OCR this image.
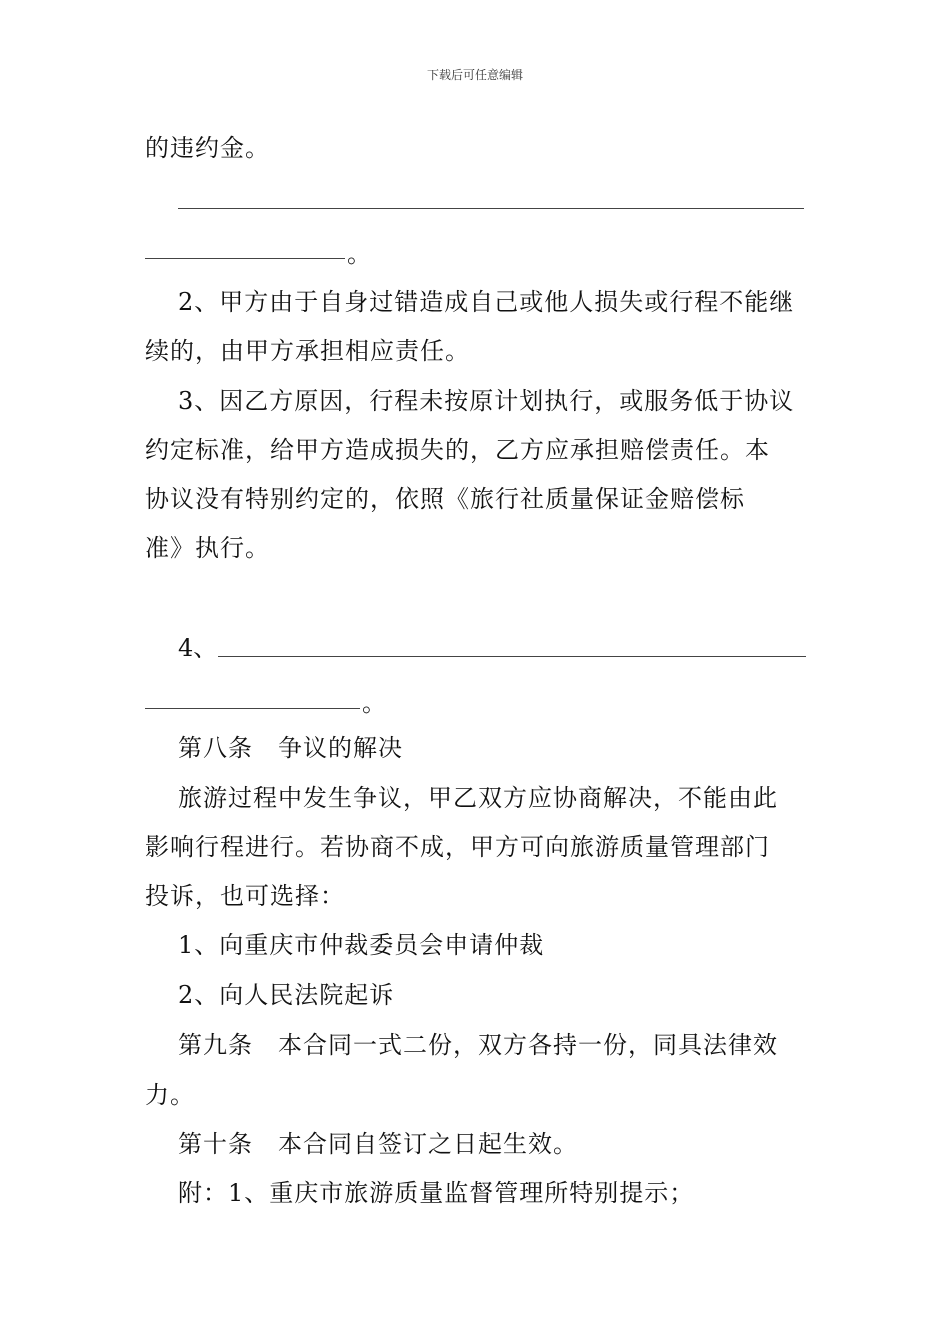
下载后可任意编辑
的违约金。
。
2、甲方由于自身过错造成自己或他人损失或行程不能继
续的，由甲方承担相应责任。
3、因乙方原因，行程未按原计划执行，或服务低于协议
约定标准，给甲方造成损失的，乙方应承担赔偿责任。本
协议没有特别约定的，依照《旅行社质量保证金赔偿标
准》执行。
4、
。
第八条　争议的解决
旅游过程中发生争议，甲乙双方应协商解决，不能由此
影响行程进行。若协商不成，甲方可向旅游质量管理部门
投诉，也可选择：
1、向重庆市仲裁委员会申请仲裁
2、向人民法院起诉
第九条　本合同一式二份，双方各持一份，同具法律效
力。
第十条　本合同自签订之日起生效。
附：1、重庆市旅游质量监督管理所特别提示；
